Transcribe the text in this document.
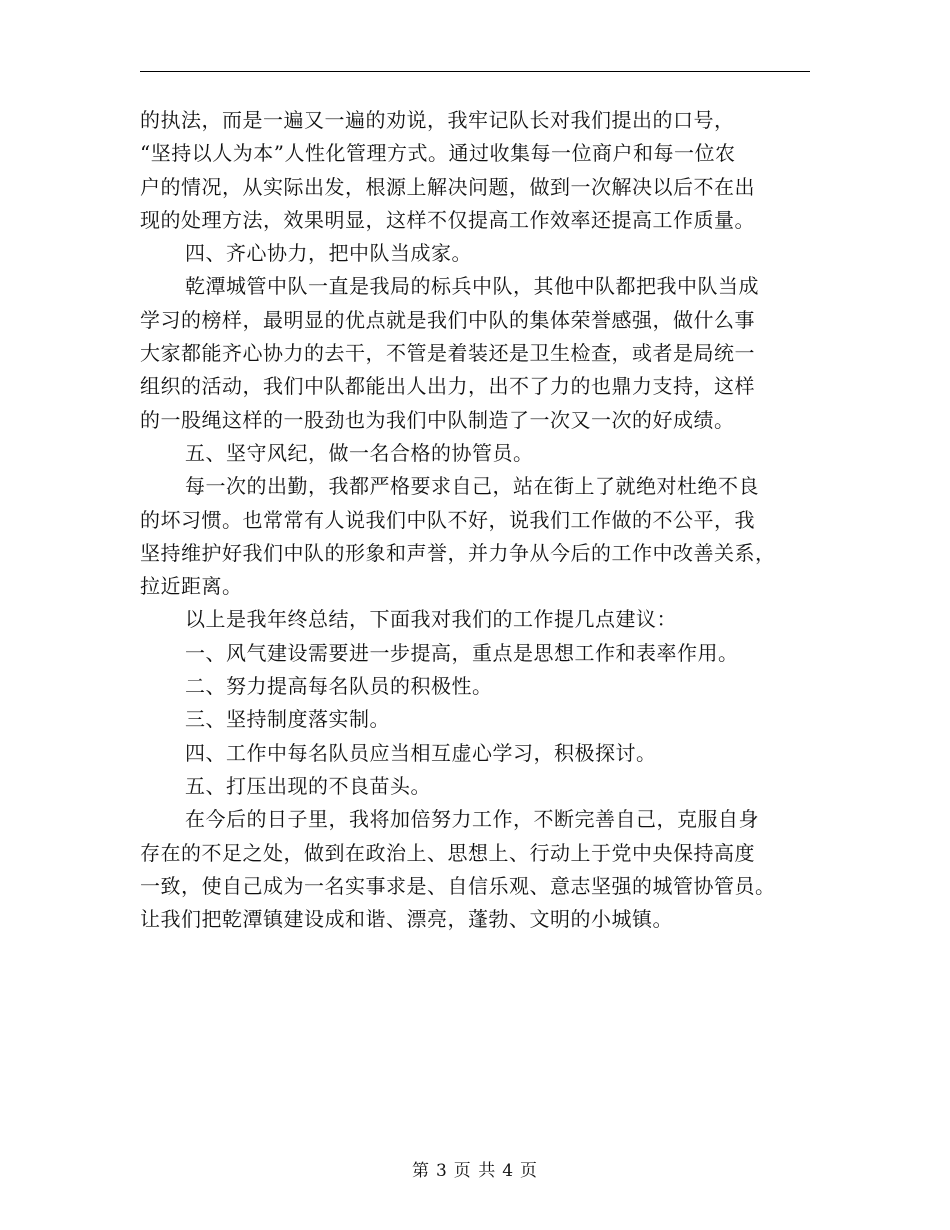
的执法，而是一遍又一遍的劝说，我牢记队长对我们提出的口号，
“坚持以人为本”人性化管理方式。通过收集每一位商户和每一位农
户的情况，从实际出发，根源上解决问题，做到一次解决以后不在出
现的处理方法，效果明显，这样不仅提高工作效率还提高工作质量。
四、齐心协力，把中队当成家。
乾潭城管中队一直是我局的标兵中队，其他中队都把我中队当成
学习的榜样，最明显的优点就是我们中队的集体荣誉感强，做什么事
大家都能齐心协力的去干，不管是着装还是卫生检查，或者是局统一
组织的活动，我们中队都能出人出力，出不了力的也鼎力支持，这样
的一股绳这样的一股劲也为我们中队制造了一次又一次的好成绩。
五、坚守风纪，做一名合格的协管员。
每一次的出勤，我都严格要求自己，站在街上了就绝对杜绝不良
的坏习惯。也常常有人说我们中队不好，说我们工作做的不公平，我
坚持维护好我们中队的形象和声誉，并力争从今后的工作中改善关系，
拉近距离。
以上是我年终总结，下面我对我们的工作提几点建议：
一、风气建设需要进一步提高，重点是思想工作和表率作用。
二、努力提高每名队员的积极性。
三、坚持制度落实制。
四、工作中每名队员应当相互虚心学习，积极探讨。
五、打压出现的不良苗头。
在今后的日子里，我将加倍努力工作，不断完善自己，克服自身
存在的不足之处，做到在政治上、思想上、行动上于党中央保持高度
一致，使自己成为一名实事求是、自信乐观、意志坚强的城管协管员。
让我们把乾潭镇建设成和谐、漂亮，蓬勃、文明的小城镇。
第 3 页 共 4 页
